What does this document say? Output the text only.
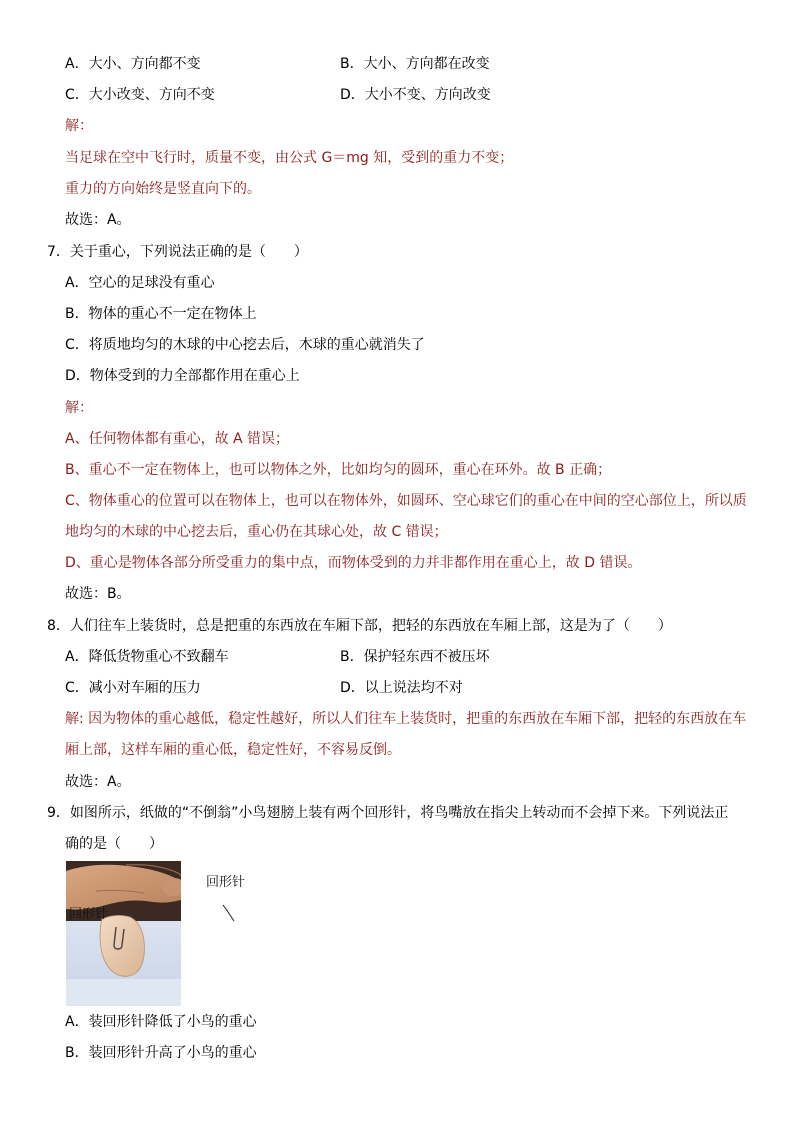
A．大小、方向都不变	B．大小、方向都在改变
C．大小改变、方向不变	D．大小不变、方向改变
解：
当足球在空中飞行时，质量不变，由公式 G＝mg 知，受到的重力不变；
重力的方向始终是竖直向下的。
故选：A。
7．关于重心，下列说法正确的是（　　）
A．空心的足球没有重心
B．物体的重心不一定在物体上
C．将质地均匀的木球的中心挖去后，木球的重心就消失了
D．物体受到的力全部都作用在重心上
解：
A、任何物体都有重心，故 A 错误；
B、重心不一定在物体上，也可以物体之外，比如均匀的圆环，重心在环外。故 B 正确；
C、物体重心的位置可以在物体上，也可以在物体外，如圆环、空心球它们的重心在中间的空心部位上，所以质
地均匀的木球的中心挖去后，重心仍在其球心处，故 C 错误；
D、重心是物体各部分所受重力的集中点，而物体受到的力并非都作用在重心上，故 D 错误。
故选：B。
8．人们往车上装货时，总是把重的东西放在车厢下部，把轻的东西放在车厢上部，这是为了（　　）
A．降低货物重心不致翻车	B．保护轻东西不被压坏
C．减小对车厢的压力	D．以上说法均不对
解: 因为物体的重心越低，稳定性越好，所以人们往车上装货时，把重的东西放在车厢下部，把轻的东西放在车
厢上部，这样车厢的重心低，稳定性好，不容易反倒。
故选：A。
9．如图所示，纸做的“不倒翁”小鸟翅膀上装有两个回形针，将鸟嘴放在指尖上转动而不会掉下来。下列说法正
确的是（　　）
回形针
回形针
A．装回形针降低了小鸟的重心
B．装回形针升高了小鸟的重心
